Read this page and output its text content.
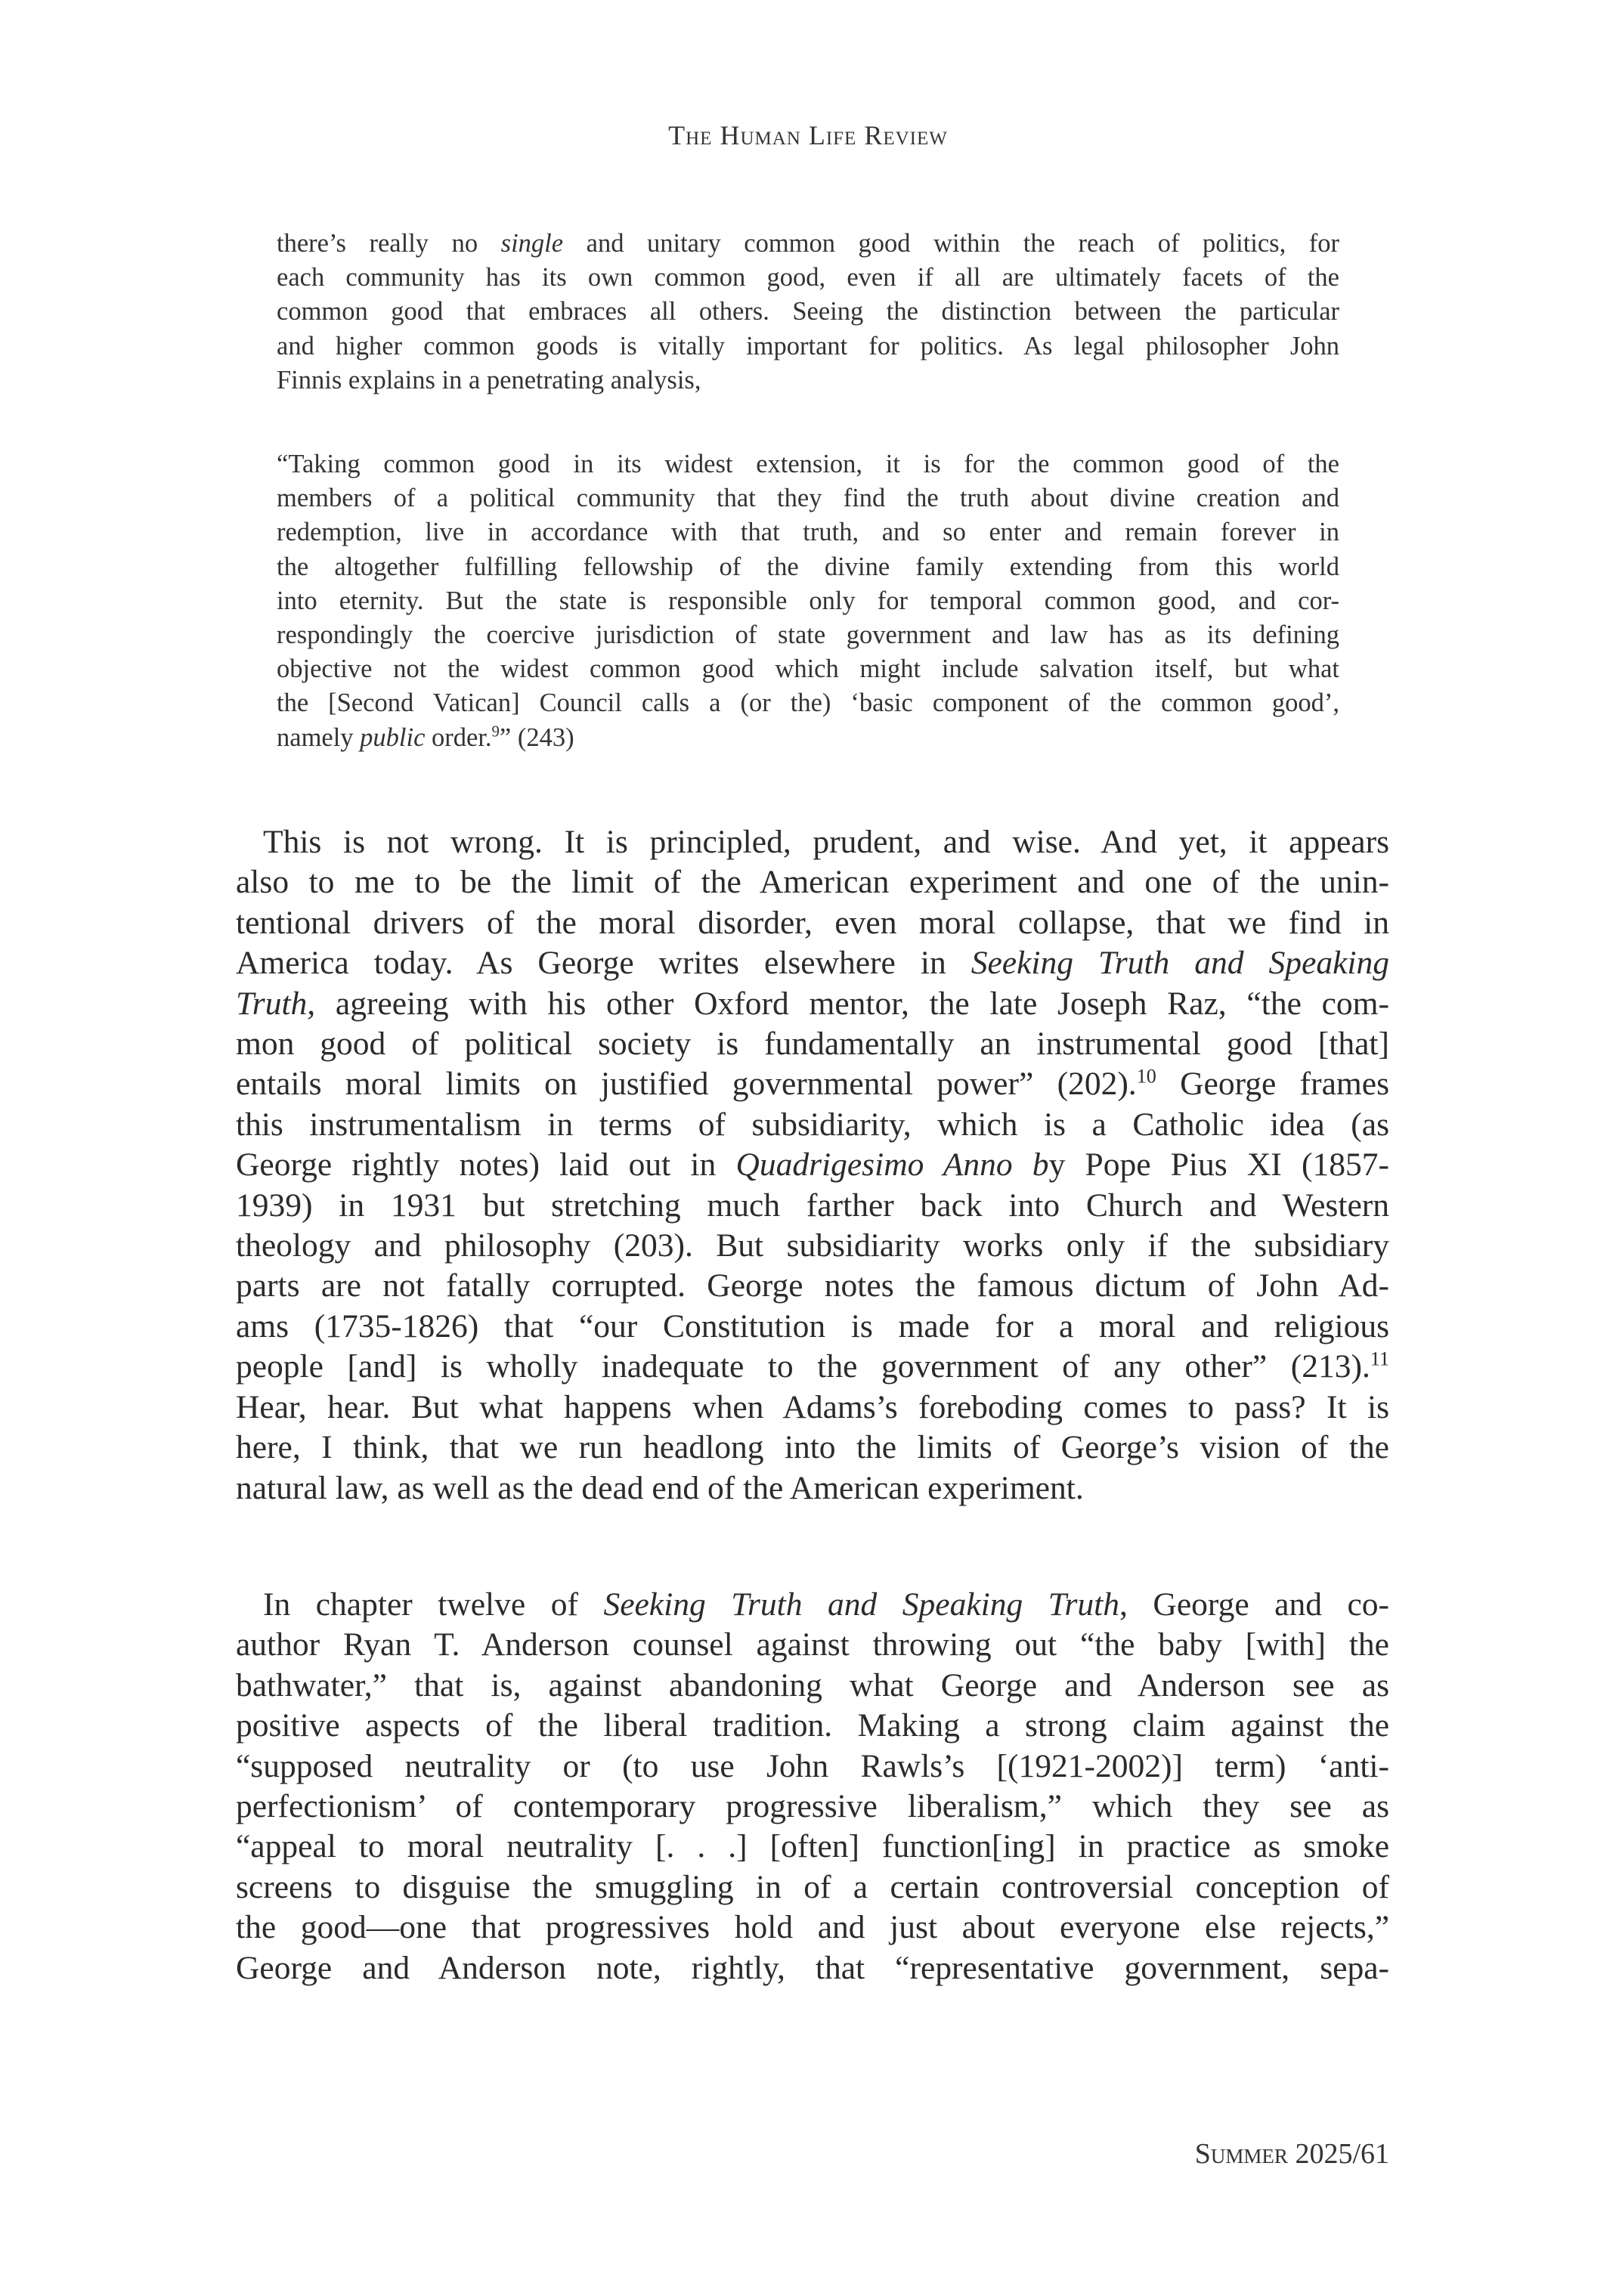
The Human Life Review
there’s really no single and unitary common good within the reach of politics, for
each community has its own common good, even if all are ultimately facets of the
common good that embraces all others. Seeing the distinction between the particular
and higher common goods is vitally important for politics. As legal philosopher John
Finnis explains in a penetrating analysis,
“Taking common good in its widest extension, it is for the common good of the
members of a political community that they find the truth about divine creation and
redemption, live in accordance with that truth, and so enter and remain forever in
the altogether fulfilling fellowship of the divine family extending from this world
into eternity. But the state is responsible only for temporal common good, and cor-
respondingly the coercive jurisdiction of state government and law has as its defining
objective not the widest common good which might include salvation itself, but what
the [Second Vatican] Council calls a (or the) ‘basic component of the common good’,
namely public order.$^9$” (243)
This is not wrong. It is principled, prudent, and wise. And yet, it appears
also to me to be the limit of the American experiment and one of the unin-
tentional drivers of the moral disorder, even moral collapse, that we find in
America today. As George writes elsewhere in Seeking Truth and Speaking
Truth, agreeing with his other Oxford mentor, the late Joseph Raz, “the com-
mon good of political society is fundamentally an instrumental good [that]
entails moral limits on justified governmental power” (202).$^{10}$ George frames
this instrumentalism in terms of subsidiarity, which is a Catholic idea (as
George rightly notes) laid out in Quadrigesimo Anno by Pope Pius XI (1857-
1939) in 1931 but stretching much farther back into Church and Western
theology and philosophy (203). But subsidiarity works only if the subsidiary
parts are not fatally corrupted. George notes the famous dictum of John Ad-
ams (1735-1826) that “our Constitution is made for a moral and religious
people [and] is wholly inadequate to the government of any other” (213).$^{11}$
Hear, hear. But what happens when Adams’s foreboding comes to pass? It is
here, I think, that we run headlong into the limits of George’s vision of the
natural law, as well as the dead end of the American experiment.
In chapter twelve of Seeking Truth and Speaking Truth, George and co-
author Ryan T. Anderson counsel against throwing out “the baby [with] the
bathwater,” that is, against abandoning what George and Anderson see as
positive aspects of the liberal tradition. Making a strong claim against the
“supposed neutrality or (to use John Rawls’s [(1921-2002)] term) ‘anti-
perfectionism’ of contemporary progressive liberalism,” which they see as
“appeal to moral neutrality [. . .] [often] function[ing] in practice as smoke
screens to disguise the smuggling in of a certain controversial conception of
the good—one that progressives hold and just about everyone else rejects,”
George and Anderson note, rightly, that “representative government, sepa-
Summer 2025/61
